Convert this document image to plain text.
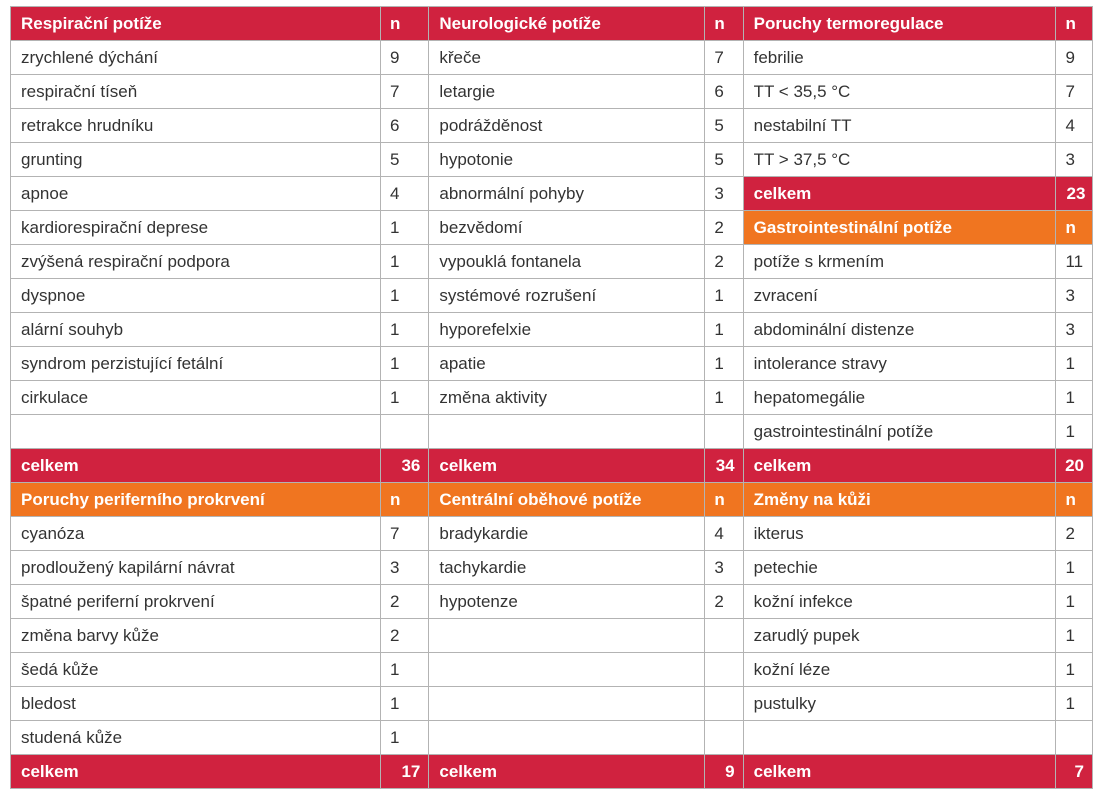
Respirační potíže	n	Neurologické potíže	n	Poruchy termoregulace	n
zrychlené dýchání	9	křeče	7	febrilie	9
respirační tíseň	7	letargie	6	TT < 35,5 °C	7
retrakce hrudníku	6	podrážděnost	5	nestabilní TT	4
grunting	5	hypotonie	5	TT > 37,5 °C	3
apnoe	4	abnormální pohyby	3	celkem	23
kardiorespirační deprese	1	bezvědomí	2	Gastrointestinální potíže	n
zvýšená respirační podpora	1	vypouklá fontanela	2	potíže s krmením	11
dyspnoe	1	systémové rozrušení	1	zvracení	3
alární souhyb	1	hyporefelxie	1	abdominální distenze	3
syndrom perzistující fetální	1	apatie	1	intolerance stravy	1
cirkulace	1	změna aktivity	1	hepatomegálie	1
				gastrointestinální potíže	1
celkem	36	celkem	34	celkem	20
Poruchy periferního prokrvení	n	Centrální oběhové potíže	n	Změny na kůži	n
cyanóza	7	bradykardie	4	ikterus	2
prodloužený kapilární návrat	3	tachykardie	3	petechie	1
špatné periferní prokrvení	2	hypotenze	2	kožní infekce	1
změna barvy kůže	2			zarudlý pupek	1
šedá kůže	1			kožní léze	1
bledost	1			pustulky	1
studená kůže	1				
celkem	17	celkem	9	celkem	7
